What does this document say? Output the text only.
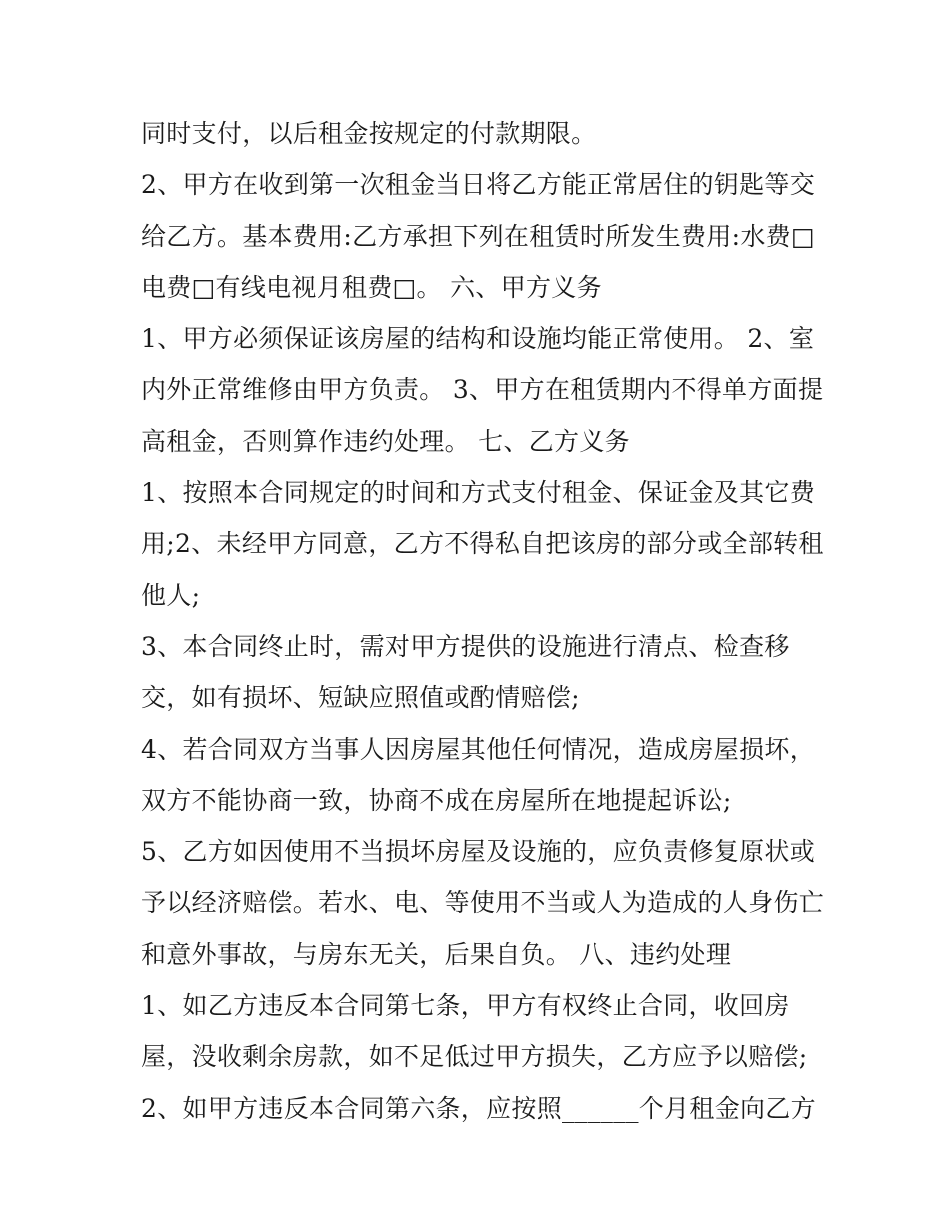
同时支付，以后租金按规定的付款期限。
2、甲方在收到第一次租金当日将乙方能正常居住的钥匙等交
给乙方。基本费用:乙方承担下列在租赁时所发生费用:水费□
电费□有线电视月租费□。 六、甲方义务
1、甲方必须保证该房屋的结构和设施均能正常使用。 2、室
内外正常维修由甲方负责。 3、甲方在租赁期内不得单方面提
高租金，否则算作违约处理。 七、乙方义务
1、按照本合同规定的时间和方式支付租金、保证金及其它费
用;2、未经甲方同意，乙方不得私自把该房的部分或全部转租
他人;
3、本合同终止时，需对甲方提供的设施进行清点、检查移
交，如有损坏、短缺应照值或酌情赔偿;
4、若合同双方当事人因房屋其他任何情况，造成房屋损坏，
双方不能协商一致，协商不成在房屋所在地提起诉讼;
5、乙方如因使用不当损坏房屋及设施的，应负责修复原状或
予以经济赔偿。若水、电、等使用不当或人为造成的人身伤亡
和意外事故，与房东无关，后果自负。 八、违约处理
1、如乙方违反本合同第七条，甲方有权终止合同，收回房
屋，没收剩余房款，如不足低过甲方损失，乙方应予以赔偿;
2、如甲方违反本合同第六条，应按照______个月租金向乙方
